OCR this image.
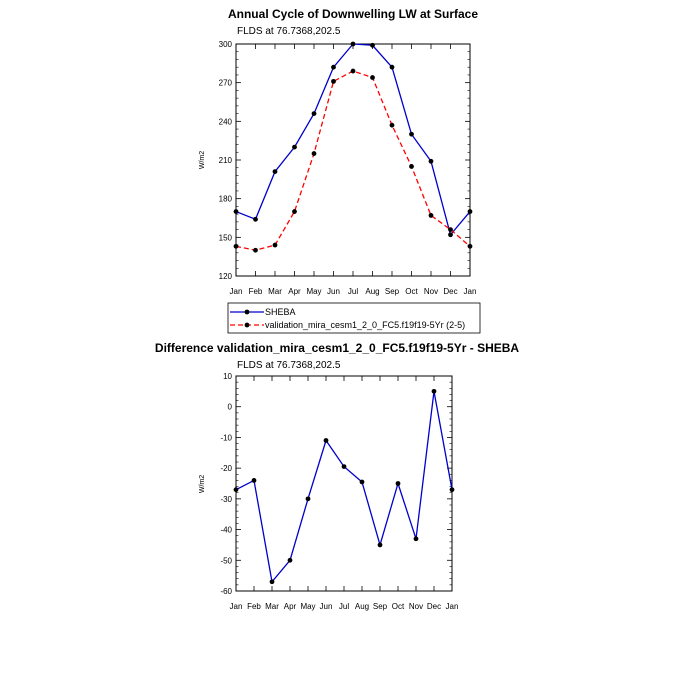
Annual Cycle of Downwelling LW at Surface
FLDS at 76.7368,202.5
120
150
180
210
240
270
300
Jan Feb Mar Apr May Jun Jul Aug Sep Oct Nov Dec Jan
W/m2
SHEBA
validation_mira_cesm1_2_0_FC5.f19f19-5Yr (2-5)
Difference validation_mira_cesm1_2_0_FC5.f19f19-5Yr - SHEBA
FLDS at 76.7368,202.5
-60
-50
-40
-30
-20
-10
0
10
Jan Feb Mar Apr May Jun Jul Aug Sep Oct Nov Dec Jan
W/m2
